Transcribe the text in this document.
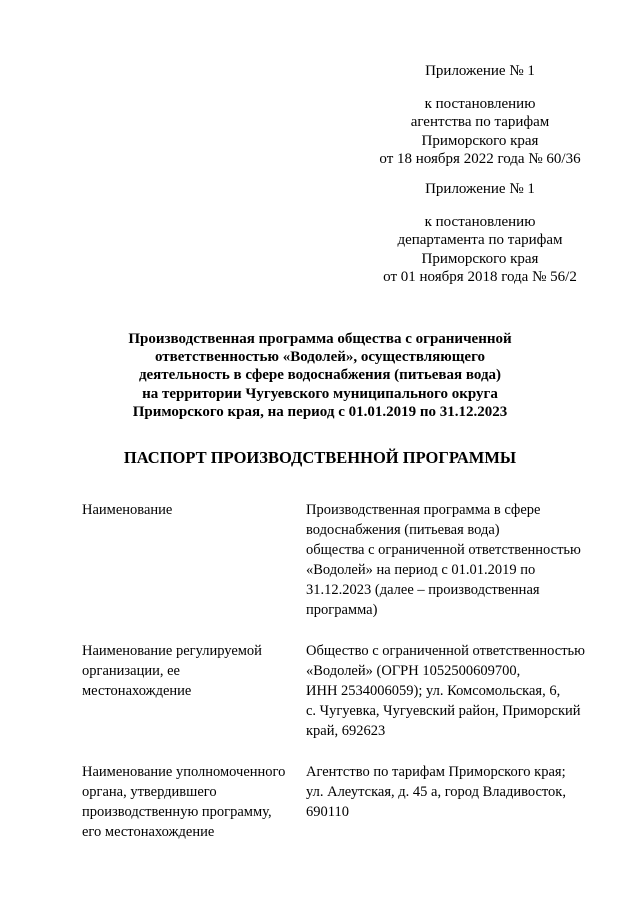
Приложение № 1

к постановлению

агентства по тарифам

Приморского края

от 18 ноября 2022 года № 60/36

Приложение № 1

к постановлению

департамента по тарифам

Приморского края

от 01 ноября 2018 года № 56/2

Производственная программа общества с ограниченной

ответственностью «Водолей», осуществляющего

деятельность в сфере водоснабжения (питьевая вода)

на территории Чугуевского муниципального округа

Приморского края, на период с 01.01.2019 по 31.12.2023

ПАСПОРТ ПРОИЗВОДСТВЕННОЙ ПРОГРАММЫ

Наименование	Производственная программа в сфере

водоснабжения (питьевая вода)

общества с ограниченной ответственностью

«Водолей» на период с 01.01.2019 по

31.12.2023 (далее – производственная

программа)

Наименование регулируемой

организации, ее

местонахождение

Общество с ограниченной ответственностью

«Водолей» (ОГРН 1052500609700,

ИНН 2534006059); ул. Комсомольская, 6,

с. Чугуевка, Чугуевский район, Приморский

край, 692623

Наименование уполномоченного

органа, утвердившего

производственную программу,

его местонахождение

Агентство по тарифам Приморского края;

ул. Алеутская, д. 45 а, город Владивосток,

690110
